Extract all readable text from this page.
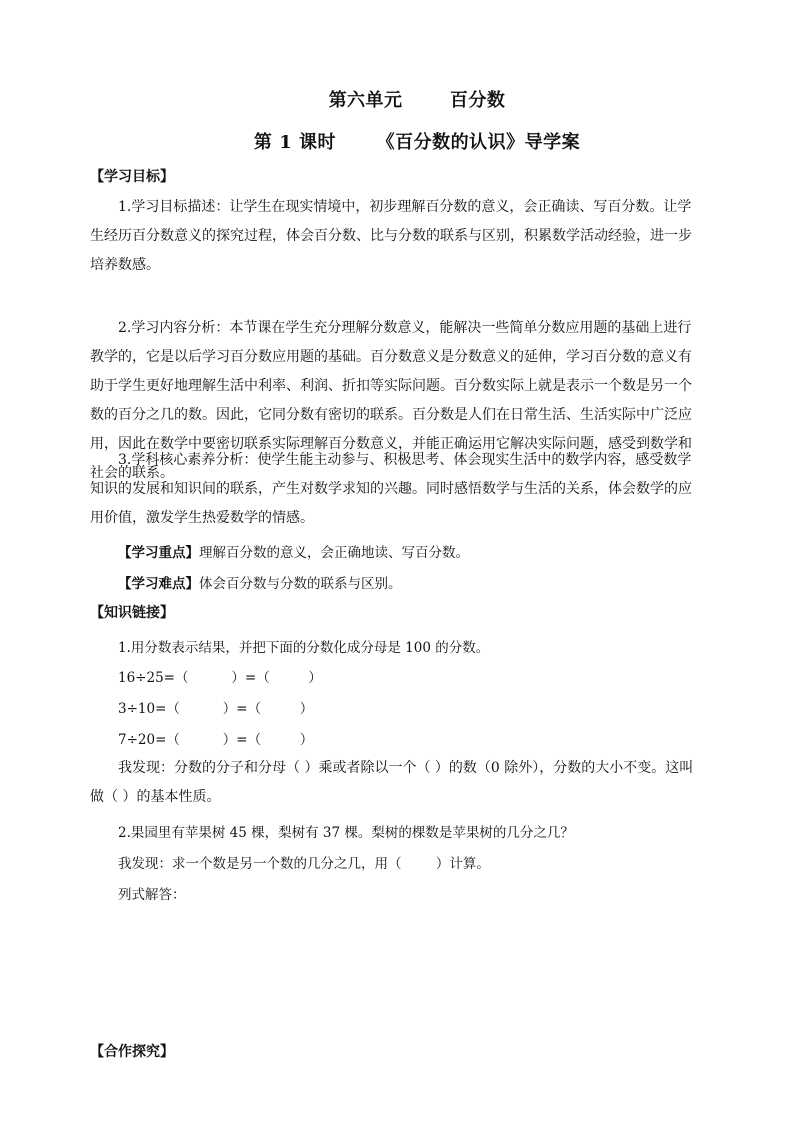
第六单元       百分数
第 1 课时      《百分数的认识》导学案
【学习目标】

1.学习目标描述：让学生在现实情境中，初步理解百分数的意义，会正确读、写百分数。让学生经历百分数意义的探究过程，体会百分数、比与分数的联系与区别，积累数学活动经验，进一步培养数感。

2.学习内容分析：本节课在学生充分理解分数意义，能解决一些简单分数应用题的基础上进行教学的，它是以后学习百分数应用题的基础。百分数意义是分数意义的延伸，学习百分数的意义有助于学生更好地理解生活中利率、利润、折扣等实际问题。百分数实际上就是表示一个数是另一个数的百分之几的数。因此，它同分数有密切的联系。百分数是人们在日常生活、生活实际中广泛应用，因此在数学中要密切联系实际理解百分数意义，并能正确运用它解决实际问题，感受到数学和社会的联系。

3.学科核心素养分析：使学生能主动参与、积极思考、体会现实生活中的数学内容，感受数学知识的发展和知识间的联系，产生对数学求知的兴趣。同时感悟数学与生活的关系，体会数学的应用价值，激发学生热爱数学的情感。

【学习重点】理解百分数的意义，会正确地读、写百分数。
【学习难点】体会百分数与分数的联系与区别。
【知识链接】
1.用分数表示结果，并把下面的分数化成分母是 100 的分数。
16÷25=（          ）=（         ）
3÷10=（          ）=（         ）
7÷20=（          ）=（         ）

我发现：分数的分子和分母（ ）乘或者除以一个（ ）的数（0 除外），分数的大小不变。这叫做（ ）的基本性质。

2.果园里有苹果树 45 棵，梨树有 37 棵。梨树的棵数是苹果树的几分之几？
我发现：求一个数是另一个数的几分之几，用（        ）计算。
列式解答：
【合作探究】
